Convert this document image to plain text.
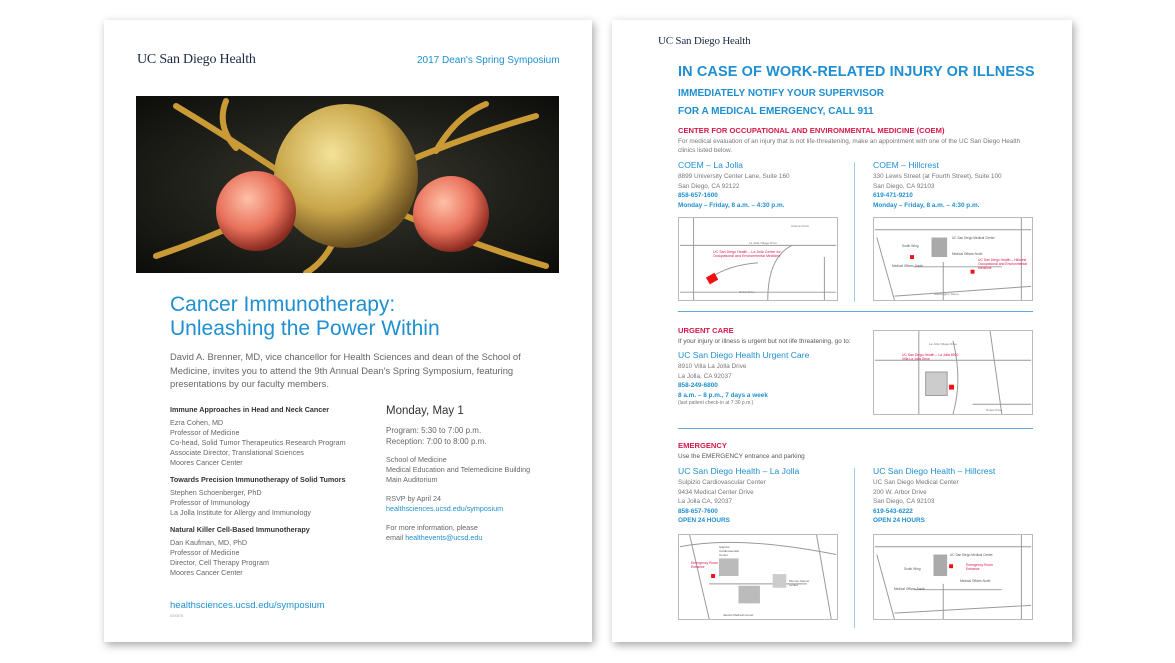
UC San Diego Health	2017 Dean's Spring Symposium
Cancer Immunotherapy:
Unleashing the Power Within
David A. Brenner, MD, vice chancellor for Health Sciences and dean of the School of Medicine, invites you to attend the 9th Annual Dean's Spring Symposium, featuring presentations by our faculty members.
Immune Approaches in Head and Neck Cancer
Ezra Cohen, MD
Professor of Medicine
Co-head, Solid Tumor Therapeutics Research Program
Associate Director, Translational Sciences
Moores Cancer Center
Towards Precision Immunotherapy of Solid Tumors
Stephen Schoenberger, PhD
Professor of Immunology
La Jolla Institute for Allergy and Immunology
Natural Killer Cell-Based Immunotherapy
Dan Kaufman, MD, PhD
Professor of Medicine
Director, Cell Therapy Program
Moores Cancer Center
Monday, May 1
Program: 5:30 to 7:00 p.m.
Reception: 7:00 to 8:00 p.m.
School of Medicine
Medical Education and Telemedicine Building
Main Auditorium
RSVP by April 24
healthsciences.ucsd.edu/symposium
For more information, please
email healthevents@ucsd.edu
healthsciences.ucsd.edu/symposium
ID00675
UC San Diego Health
IN CASE OF WORK-RELATED INJURY OR ILLNESS
IMMEDIATELY NOTIFY YOUR SUPERVISOR
FOR A MEDICAL EMERGENCY, CALL 911
CENTER FOR OCCUPATIONAL AND ENVIRONMENTAL MEDICINE (COEM)
For medical evaluation of an injury that is not life-threatening, make an appointment with one of the UC San Diego Health clinics listed below.
COEM – La Jolla
8899 University Center Lane, Suite 160
San Diego, CA 92122
858-657-1600
Monday – Friday, 8 a.m. – 4:30 p.m.
COEM – Hillcrest
330 Lewis Street (at Fourth Street), Suite 100
San Diego, CA 92103
619-471-9210
Monday – Friday, 8 a.m. – 4:30 p.m.
UC San Diego Health – La Jolla Center for Occupational and Environmental Medicine
La Jolla Village Drive
Nobel Drive
Athena Circle
UC San Diego Health – Hillcrest Occupational and Environmental Medicine
UC San Diego Medical Center
South Wing
Medical Offices North
Medical Offices South
Washington Street
URGENT CARE
If your injury or illness is urgent but not life threatening, go to:
UC San Diego Health Urgent Care
8910 Villa La Jolla Drive
La Jolla, CA 92037
858-249-6800
8 a.m. – 8 p.m., 7 days a week
(last patient check-in at 7:30 p.m.)
UC San Diego Health – La Jolla 8910 Villa La Jolla Drive
La Jolla Village Drive
Nobel Drive
EMERGENCY
Use the EMERGENCY entrance and parking
UC San Diego Health – La Jolla
Sulpizio Cardiovascular Center
9434 Medical Center Drive
La Jolla CA, 92037
858-657-7600
OPEN 24 HOURS
UC San Diego Health – Hillcrest
UC San Diego Medical Center
200 W. Arbor Drive
San Diego, CA 92103
619-543-6222
OPEN 24 HOURS
Emergency Room Entrance
Sulpizio Cardiovascular Center
Jacobs Medical Center
Moores Cancer Center
Emergency Room Entrance
UC San Diego Medical Center
South Wing
Medical Offices North
Medical Offices South
